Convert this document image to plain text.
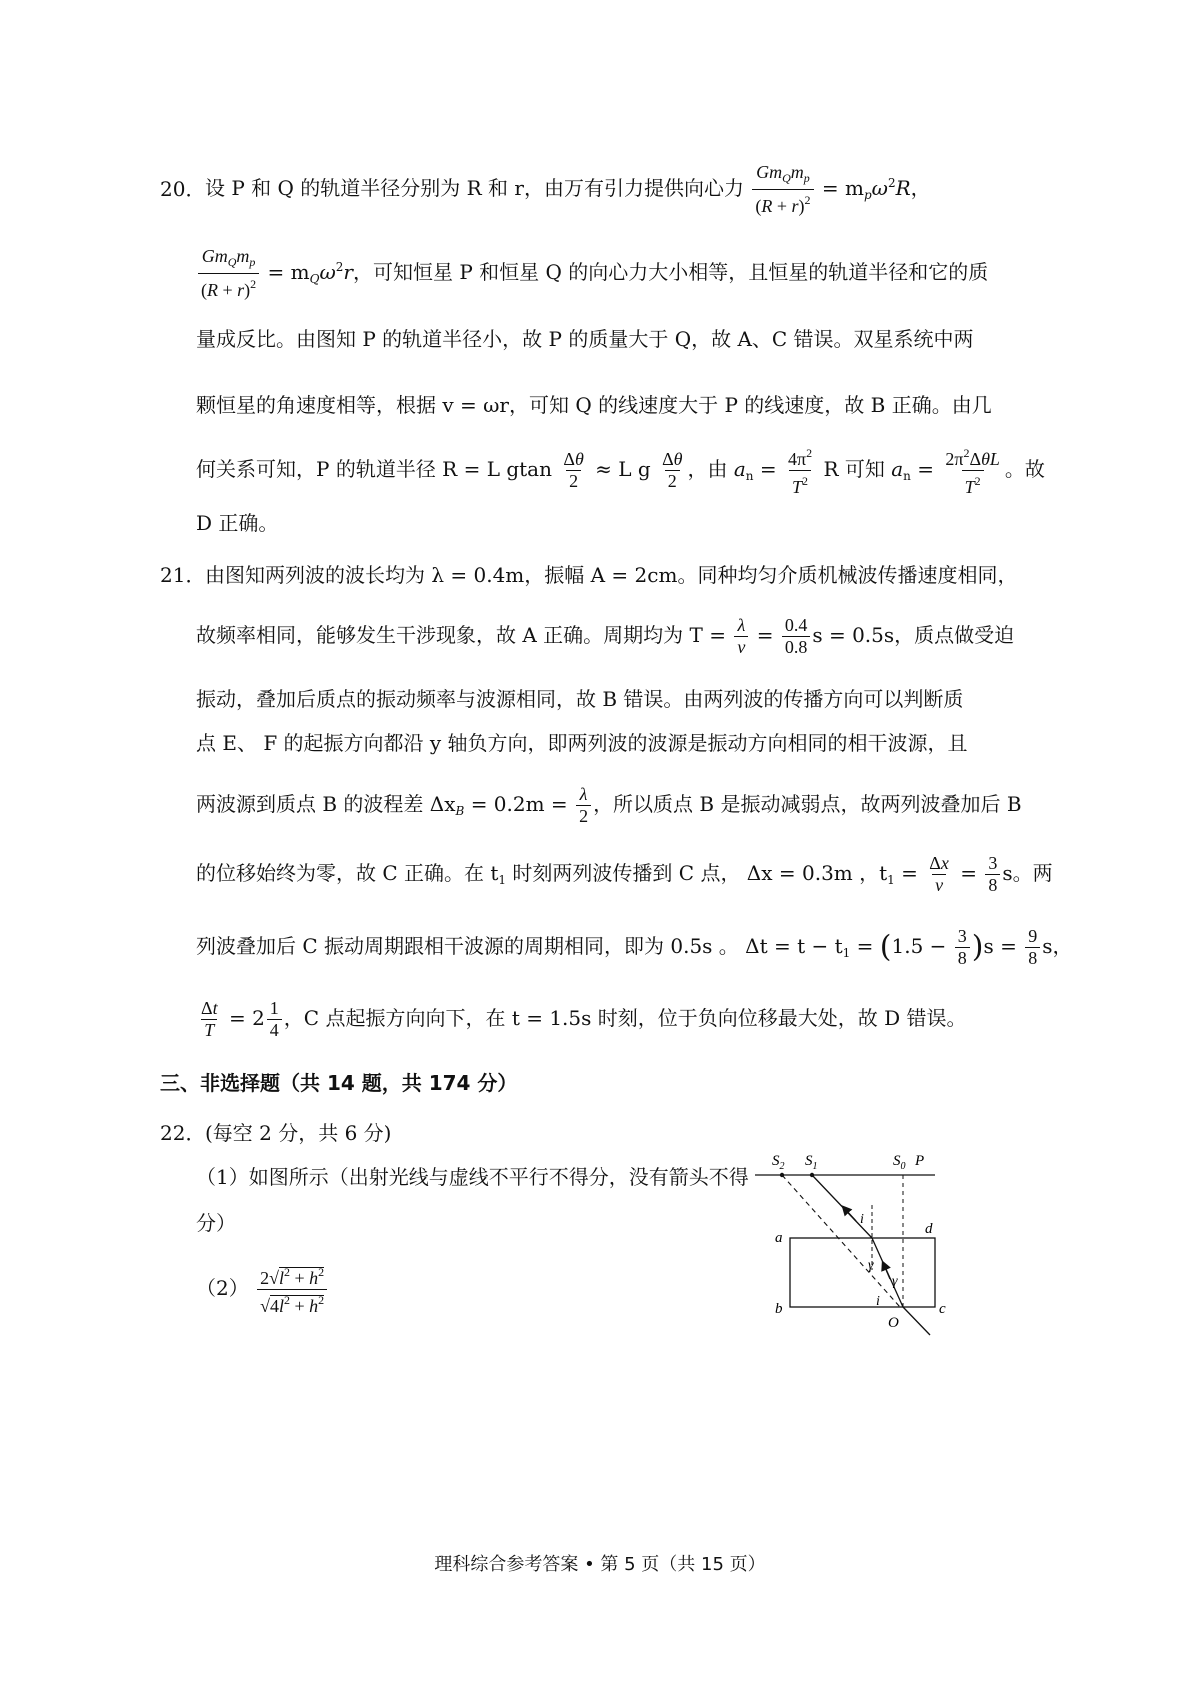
20． 设 P 和 Q 的轨道半径分别为 R 和 r，由万有引力提供向心力 $\frac{Gm_Qm_p}{(R + r)^2} = m_p\omega^2R$，
$\frac{Gm_Qm_p}{(R + r)^2} = m_Q\omega^2r$，可知恒星 P 和恒星 Q 的向心力大小相等，且恒星的轨道半径和它的质
量成反比。由图知 P 的轨道半径小，故 P 的质量大于 Q，故 A、C 错误。双星系统中两
颗恒星的角速度相等，根据 v = ωr，可知 Q 的线速度大于 P 的线速度，故 B 正确。由几
何关系可知，P 的轨道半径 R = L gtan $\frac{\Delta\theta}{2} \approx L$ g $\frac{\Delta\theta}{2}$ ，由 $a_n = \frac{4\pi^2}{T^2}$ R 可知 $a_n = \frac{2\pi^2\Delta\theta L}{T^2}$ 。故
D 正确。
21． 由图知两列波的波长均为 λ = 0.4m，振幅 A = 2cm。同种均匀介质机械波传播速度相同，
故频率相同，能够发生干涉现象，故 A 正确。周期均为 $T = \frac{\lambda}{v} = \frac{0.4}{0.8}$ s = 0.5s，质点做受迫
振动，叠加后质点的振动频率与波源相同，故 B 错误。由两列波的传播方向可以判断质
点 E、 F 的起振方向都沿 y 轴负方向，即两列波的波源是振动方向相同的相干波源，且
两波源到质点 B 的波程差 $\Delta x_B = 0.2m = \frac{\lambda}{2}$ ，所以质点 B 是振动减弱点，故两列波叠加后 B
的位移始终为零，故 C 正确。在 $t_1$ 时刻两列波传播到 C 点， Δx = 0.3m ，$t_1 = \frac{\Delta x}{v} = \frac{3}{8}$ s。两
列波叠加后 C 振动周期跟相干波源的周期相同，即为 0.5s 。 $\Delta t = t - t_1 = (1.5 - \frac{3}{8} )s = \frac{9}{8}$ s，
$\frac{\Delta t}{T} = 2 \frac{1}{4}$ ，C 点起振方向向下，在 t = 1.5s 时刻，位于负向位移最大处，故 D 错误。
三、非选择题（共 14 题，共 174 分）
22． (每空 2 分，共 6 分)
（1）如图所示（出射光线与虚线不平行不得分，没有箭头不得
分）
$(2) \frac{2√l^2 + h^2}{√4l^2 + h^2}$
$S_2$ $S_1$	$S_0$ P
a
b	c
d
O
i
γ
γ
i
理科综合参考答案 • 第 5 页（共 15 页）
